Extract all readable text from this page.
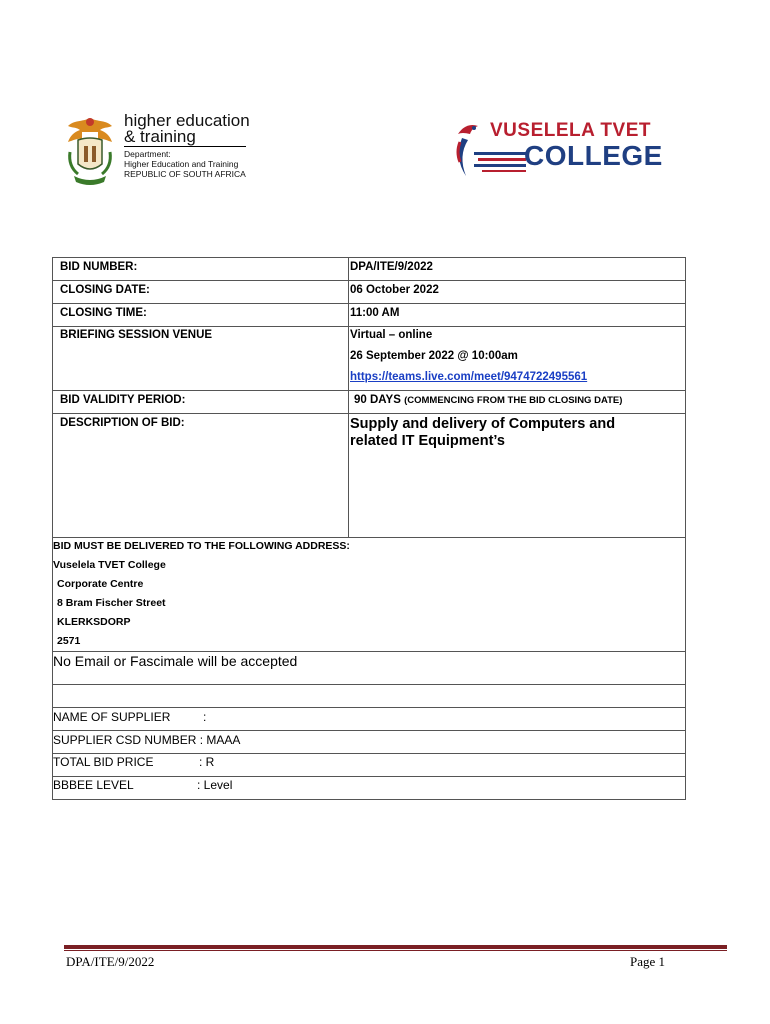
higher education
& training
Department:
Higher Education and Training
REPUBLIC OF SOUTH AFRICA
VUSELELA TVET
COLLEGE
BID NUMBER:	DPA/ITE/9/2022
CLOSING DATE:	06 October 2022
CLOSING TIME:	11:00 AM
BRIEFING SESSION VENUE	Virtual – online
26 September 2022 @ 10:00am
https://teams.live.com/meet/9474722495561
BID VALIDITY PERIOD:	90 DAYS (COMMENCING FROM THE BID CLOSING DATE)
DESCRIPTION OF BID:	Supply and delivery of Computers and related IT Equipment’s
BID MUST BE DELIVERED TO THE FOLLOWING ADDRESS:
Vuselela TVET College
Corporate Centre
8 Bram Fischer Street
KLERKSDORP
2571
No Email or Fascimale will be accepted
NAME OF SUPPLIER	:
SUPPLIER CSD NUMBER : MAAA
TOTAL BID PRICE	: R
BBBEE LEVEL	: Level
DPA/ITE/9/2022	Page 1
